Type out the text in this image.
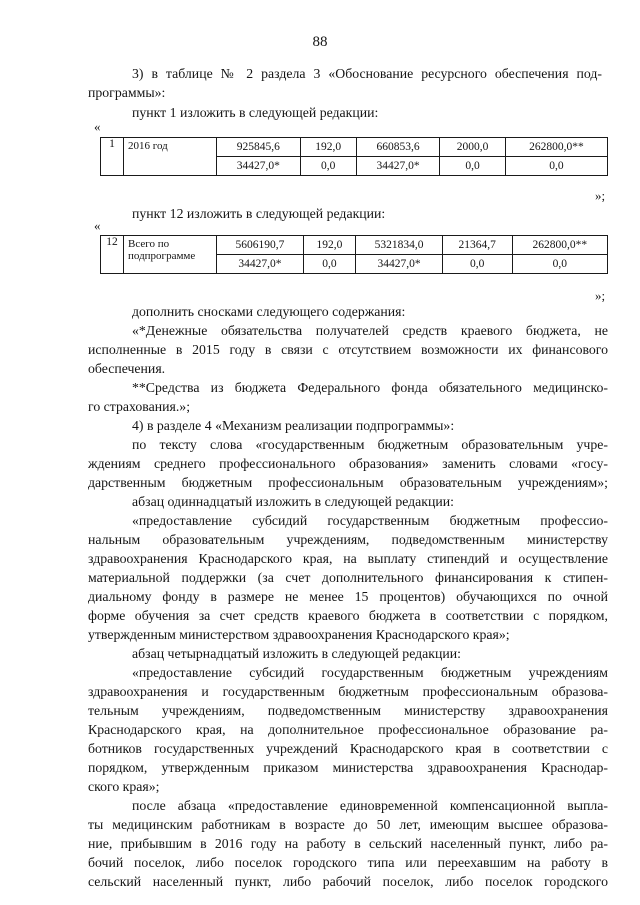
88
3) в таблице № 2 раздела 3 «Обоснование ресурсного обеспечения под-
программы»:
пункт 1 изложить в следующей редакции:
«
1	2016 год	925845,6	192,0	660853,6	2000,0	262800,0**
		34427,0*	0,0	34427,0*	0,0	0,0
»;
пункт 12 изложить в следующей редакции:
«
12	Всего по подпрограмме	5606190,7	192,0	5321834,0	21364,7	262800,0**
		34427,0*	0,0	34427,0*	0,0	0,0
»;
дополнить сносками следующего содержания:
«*Денежные обязательства получателей средств краевого бюджета, не
исполненные в 2015 году в связи с отсутствием возможности их финансового
обеспечения.
**Средства из бюджета Федерального фонда обязательного медицинско-
го страхования.»;
4) в разделе 4 «Механизм реализации подпрограммы»:
по тексту слова «государственным бюджетным образовательным учре-
ждениям среднего профессионального образования» заменить словами «госу-
дарственным бюджетным профессиональным образовательным учреждениям»;
абзац одиннадцатый изложить в следующей редакции:
«предоставление субсидий государственным бюджетным профессио-
нальным образовательным учреждениям, подведомственным министерству
здравоохранения Краснодарского края, на выплату стипендий и осуществление
материальной поддержки (за счет дополнительного финансирования к стипен-
диальному фонду в размере не менее 15 процентов) обучающихся по очной
форме обучения за счет средств краевого бюджета в соответствии с порядком,
утвержденным министерством здравоохранения Краснодарского края»;
абзац четырнадцатый изложить в следующей редакции:
«предоставление субсидий государственным бюджетным учреждениям
здравоохранения и государственным бюджетным профессиональным образова-
тельным учреждениям, подведомственным министерству здравоохранения
Краснодарского края, на дополнительное профессиональное образование ра-
ботников государственных учреждений Краснодарского края в соответствии с
порядком, утвержденным приказом министерства здравоохранения Краснодар-
ского края»;
после абзаца «предоставление единовременной компенсационной выпла-
ты медицинским работникам в возрасте до 50 лет, имеющим высшее образова-
ние, прибывшим в 2016 году на работу в сельский населенный пункт, либо ра-
бочий поселок, либо поселок городского типа или переехавшим на работу в
сельский населенный пункт, либо рабочий поселок, либо поселок городского
